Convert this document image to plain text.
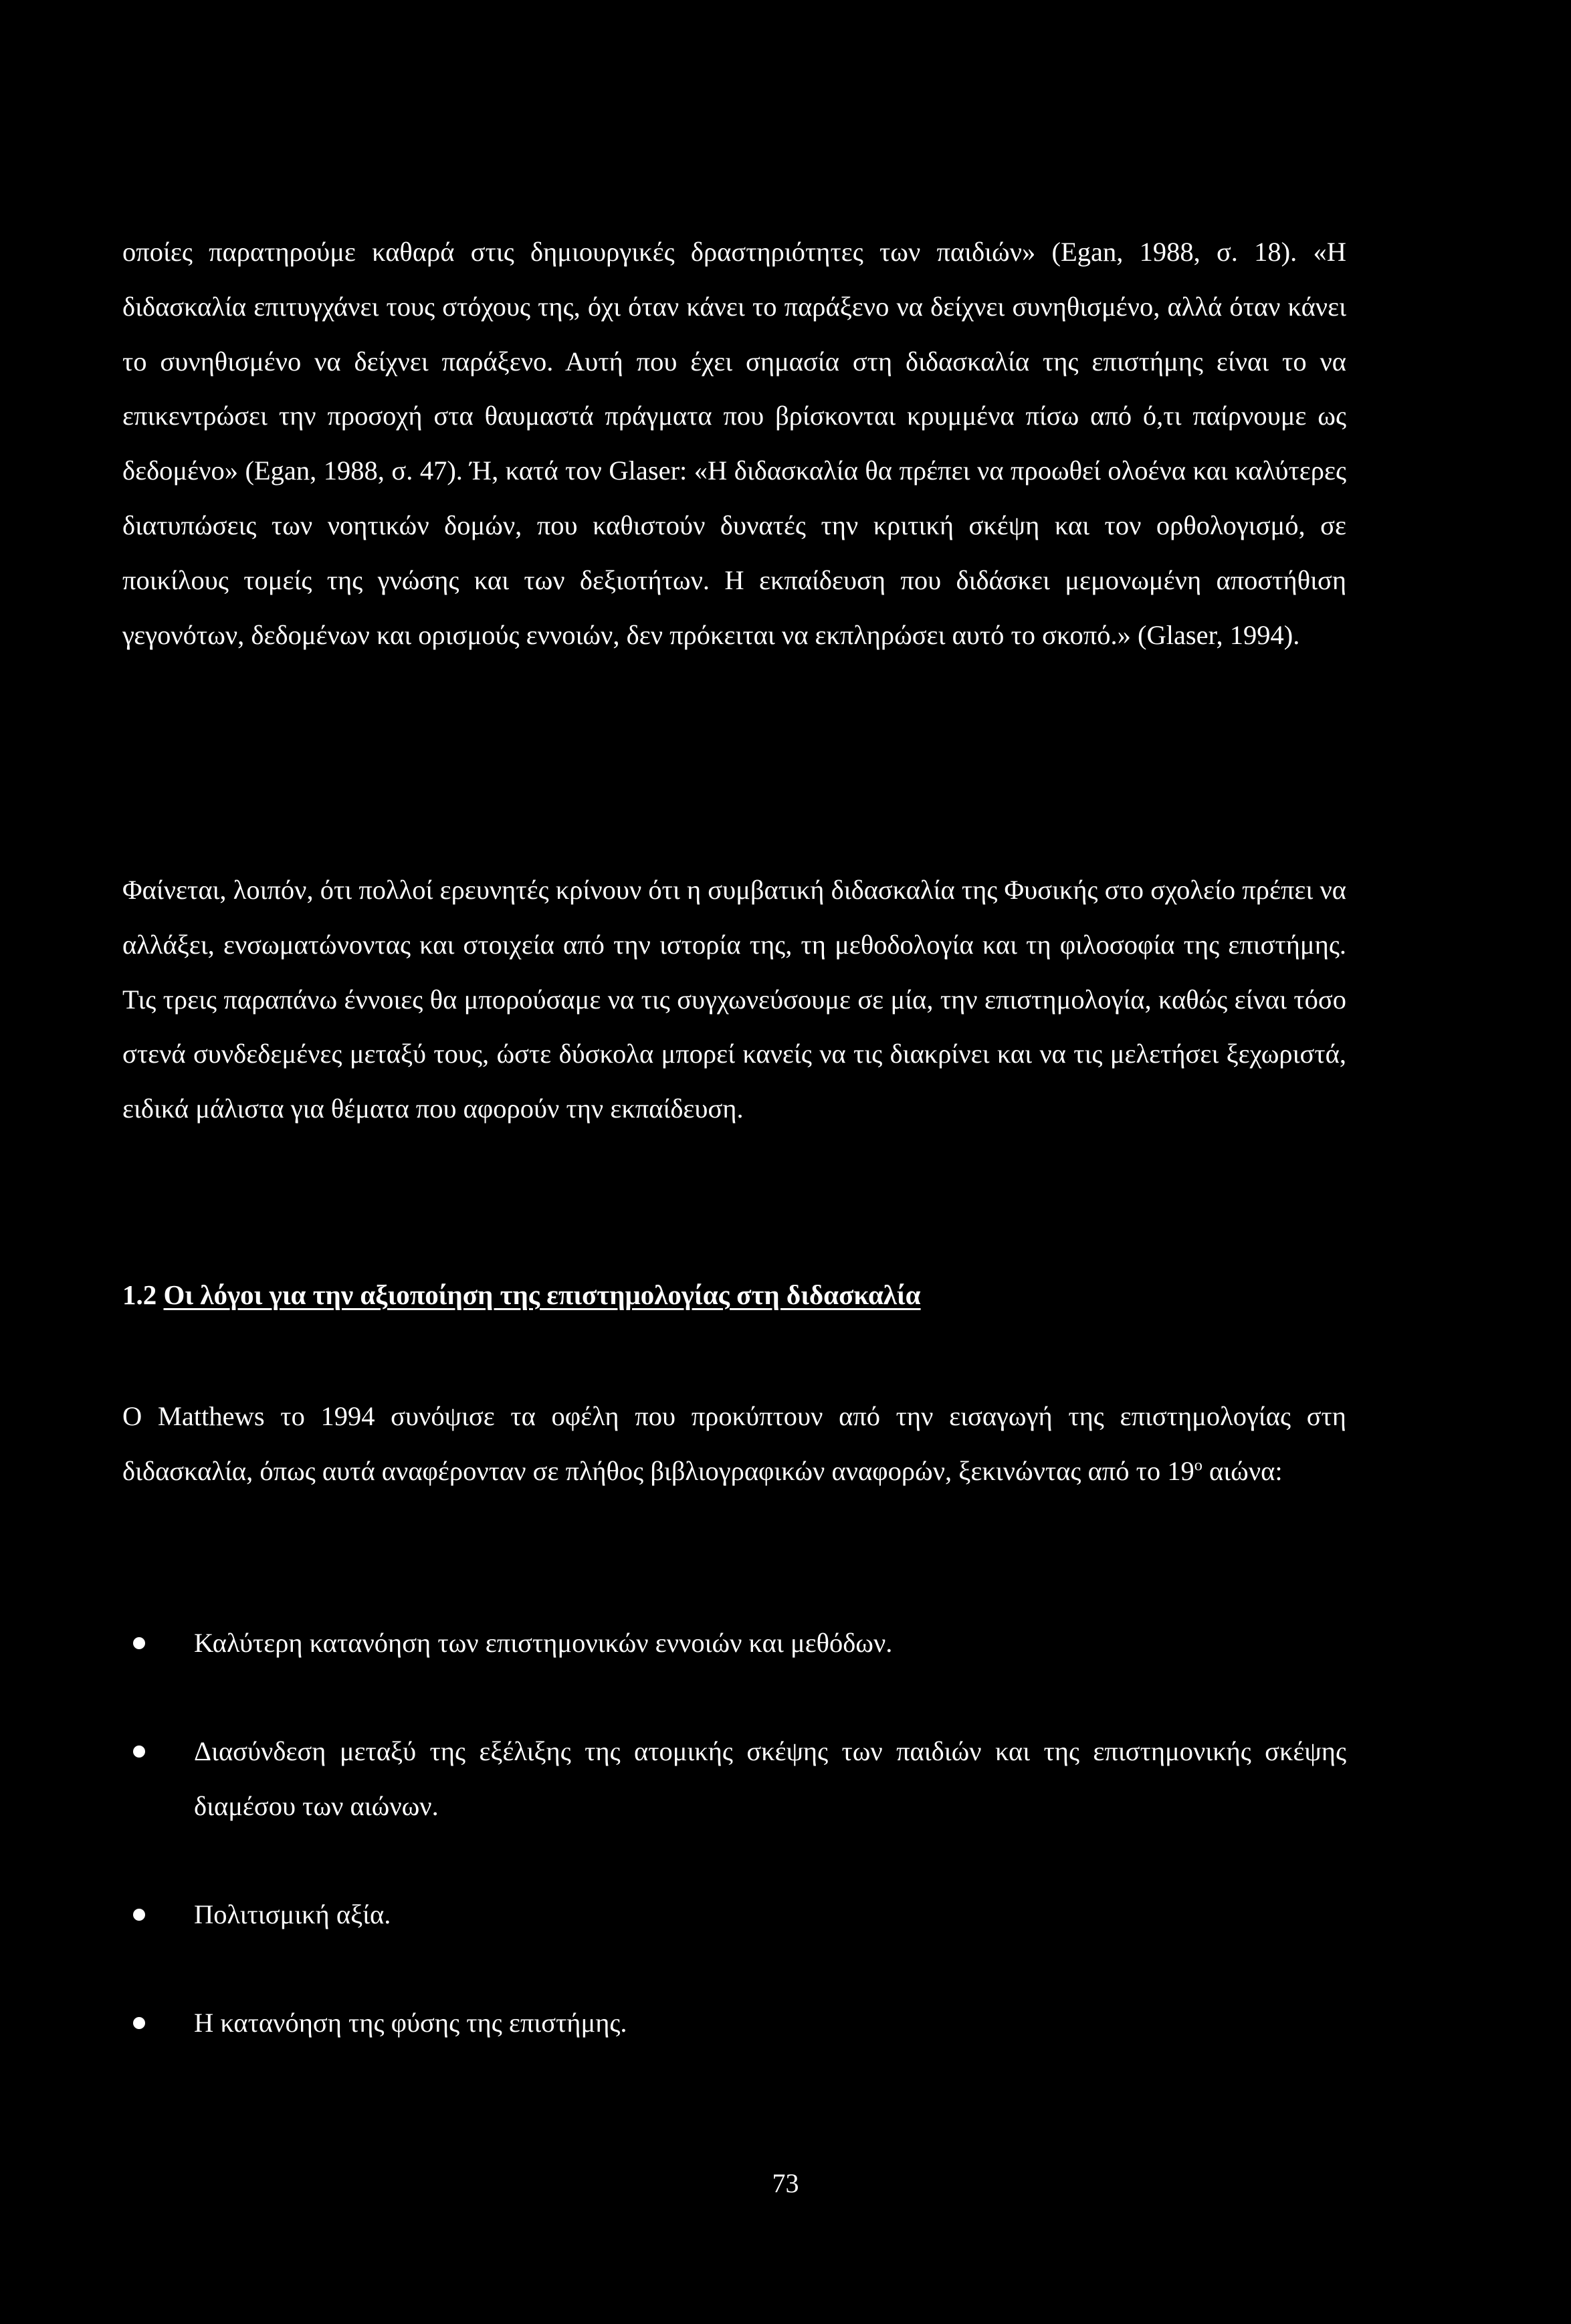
οποίες παρατηρούμε καθαρά στις δημιουργικές δραστηριότητες των παιδιών» (Egan, 1988, σ. 18). «Η διδασκαλία επιτυγχάνει τους στόχους της, όχι όταν κάνει το παράξενο να δείχνει συνηθισμένο, αλλά όταν κάνει το συνηθισμένο να δείχνει παράξενο. Αυτή που έχει σημασία στη διδασκαλία της επιστήμης είναι το να επικεντρώσει την προσοχή στα θαυμαστά πράγματα που βρίσκονται κρυμμένα πίσω από ό,τι παίρνουμε ως δεδομένο» (Egan, 1988, σ. 47). Ή, κατά τον Glaser: «Η διδασκαλία θα πρέπει να προωθεί ολοένα και καλύτερες διατυπώσεις των νοητικών δομών, που καθιστούν δυνατές την κριτική σκέψη και τον ορθολογισμό, σε ποικίλους τομείς της γνώσης και των δεξιοτήτων. Η εκπαίδευση που διδάσκει μεμονωμένη αποστήθιση γεγονότων, δεδομένων και ορισμούς εννοιών, δεν πρόκειται να εκπληρώσει αυτό το σκοπό.» (Glaser, 1994).

Φαίνεται, λοιπόν, ότι πολλοί ερευνητές κρίνουν ότι η συμβατική διδασκαλία της Φυσικής στο σχολείο πρέπει να αλλάξει, ενσωματώνοντας και στοιχεία από την ιστορία της, τη μεθοδολογία και τη φιλοσοφία της επιστήμης. Τις τρεις παραπάνω έννοιες θα μπορούσαμε να τις συγχωνεύσουμε σε μία, την επιστημολογία, καθώς είναι τόσο στενά συνδεδεμένες μεταξύ τους, ώστε δύσκολα μπορεί κανείς να τις διακρίνει και να τις μελετήσει ξεχωριστά, ειδικά μάλιστα για θέματα που αφορούν την εκπαίδευση.

1.2 Οι λόγοι για την αξιοποίηση της επιστημολογίας στη διδασκαλία

Ο Matthews το 1994 συνόψισε τα οφέλη που προκύπτουν από την εισαγωγή της επιστημολογίας στη διδασκαλία, όπως αυτά αναφέρονταν σε πλήθος βιβλιογραφικών αναφορών, ξεκινώντας από το $19^o$ αιώνα:

Καλύτερη κατανόηση των επιστημονικών εννοιών και μεθόδων.
Διασύνδεση μεταξύ της εξέλιξης της ατομικής σκέψης των παιδιών και της επιστημονικής σκέψης διαμέσου των αιώνων.
Πολιτισμική αξία.
Η κατανόηση της φύσης της επιστήμης.
73
